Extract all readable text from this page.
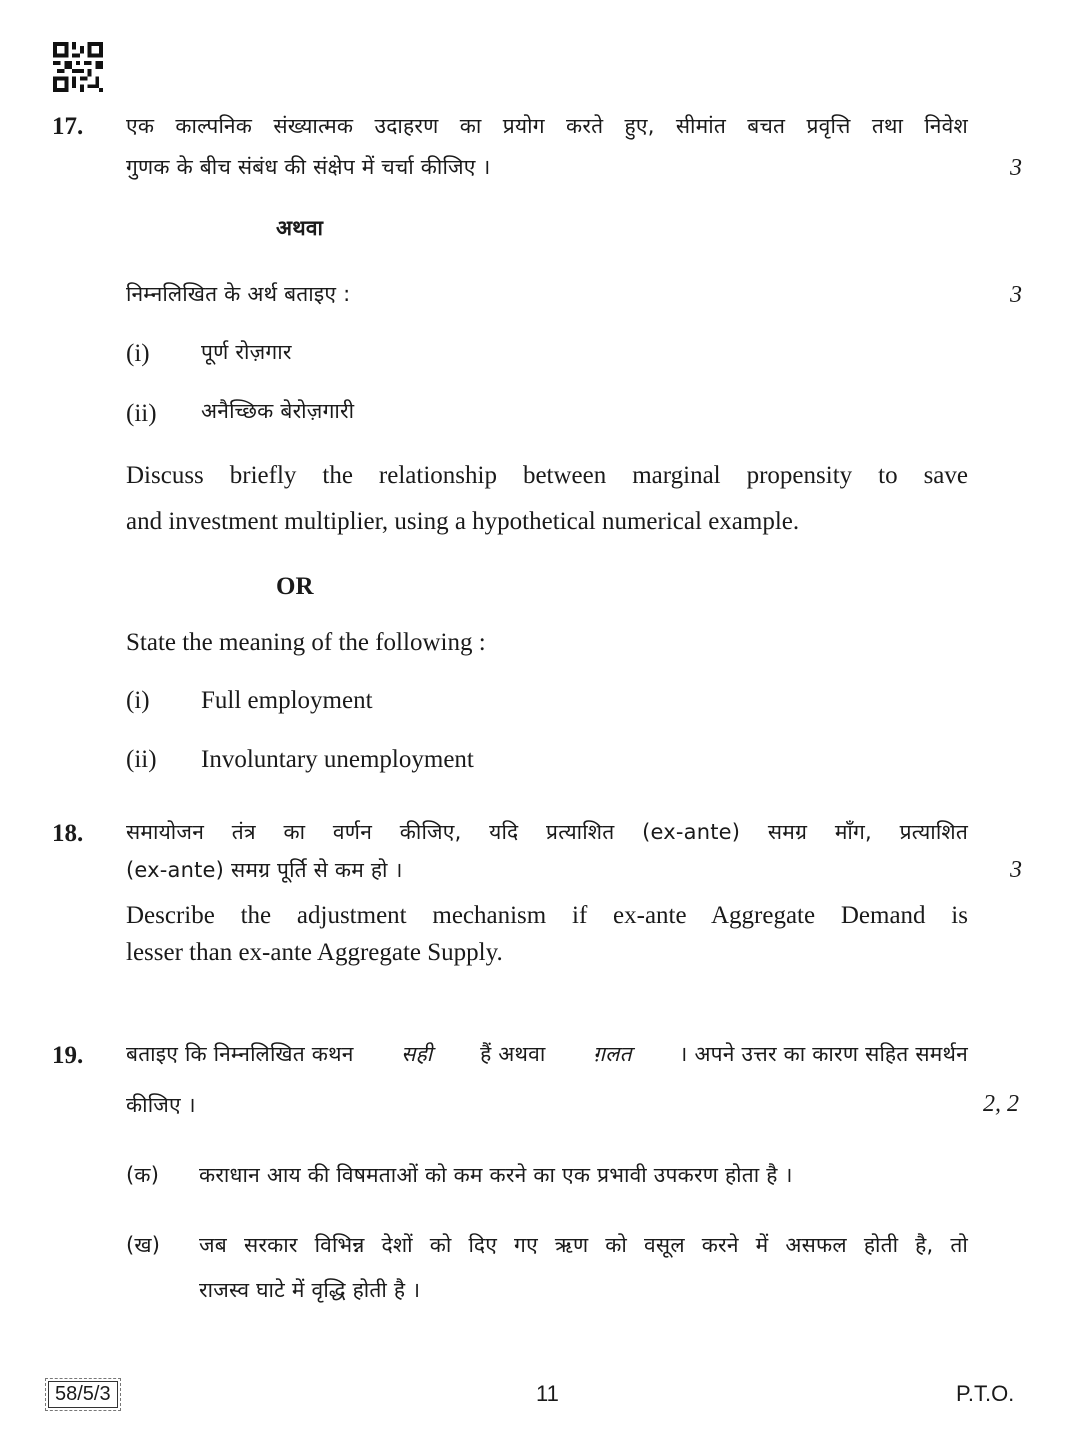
17. एक काल्पनिक संख्यात्मक उदाहरण का प्रयोग करते हुए, सीमांत बचत प्रवृत्ति तथा निवेश
गुणक के बीच संबंध की संक्षेप में चर्चा कीजिए ।	3
अथवा
निम्नलिखित के अर्थ बताइए :	3
(i) पूर्ण रोज़गार
(ii) अनैच्छिक बेरोज़गारी
Discuss briefly the relationship between marginal propensity to save
and investment multiplier, using a hypothetical numerical example.
OR
State the meaning of the following :
(i) Full employment
(ii) Involuntary unemployment
18. समायोजन तंत्र का वर्णन कीजिए, यदि प्रत्याशित (ex-ante) समग्र माँग, प्रत्याशित
(ex-ante) समग्र पूर्ति से कम हो ।	3
Describe the adjustment mechanism if ex-ante Aggregate Demand is
lesser than ex-ante Aggregate Supply.
19. बताइए कि निम्नलिखित कथन सही हैं अथवा ग़लत । अपने उत्तर का कारण सहित समर्थन
कीजिए ।	2, 2
(क) कराधान आय की विषमताओं को कम करने का एक प्रभावी उपकरण होता है ।
(ख) जब सरकार विभिन्न देशों को दिए गए ऋण को वसूल करने में असफल होती है, तो
राजस्व घाटे में वृद्धि होती है ।
58/5/3	11	P.T.O.
